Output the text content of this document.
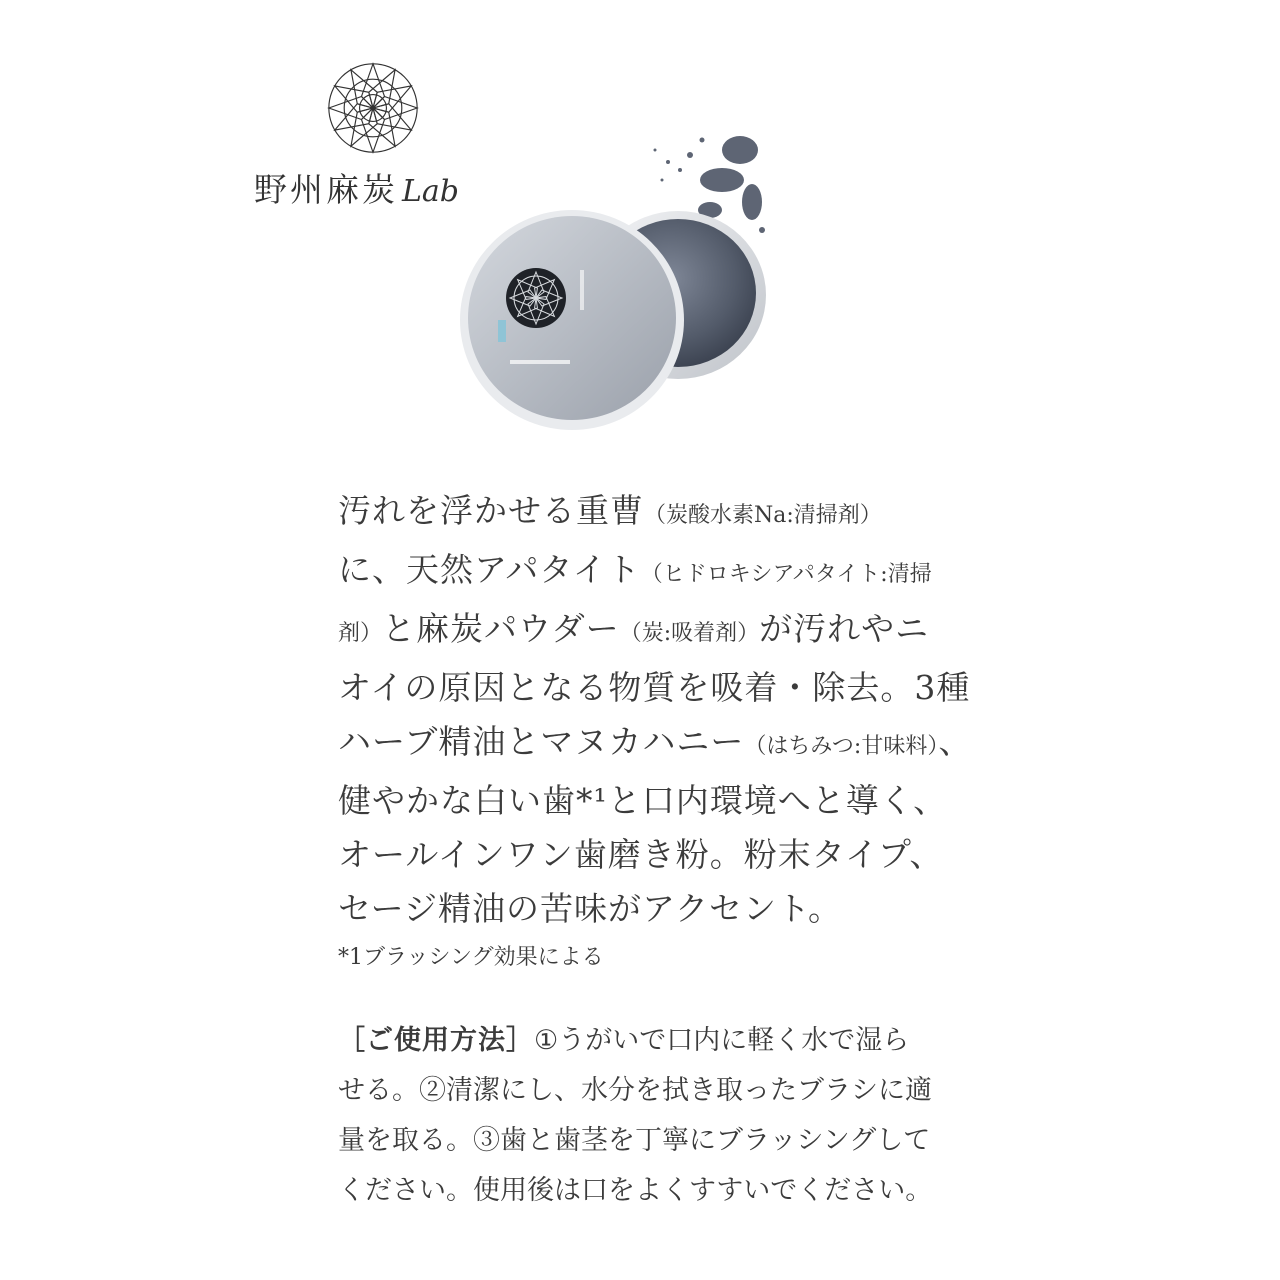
野州麻炭 Lab
汚れを浮かせる重曹（炭酸水素Na:清掃剤）
に、天然アパタイト（ヒドロキシアパタイト:清掃
剤）と麻炭パウダー（炭:吸着剤）が汚れやニ
オイの原因となる物質を吸着・除去。3種
ハーブ精油とマヌカハニー（はちみつ:甘味料）、
健やかな白い歯*¹と口内環境へと導く、
オールインワン歯磨き粉。粉末タイプ、
セージ精油の苦味がアクセント。
*1ブラッシング効果による
［ご使用方法］①うがいで口内に軽く水で湿ら
せる。②清潔にし、水分を拭き取ったブラシに適
量を取る。③歯と歯茎を丁寧にブラッシングして
ください。使用後は口をよくすすいでください。
